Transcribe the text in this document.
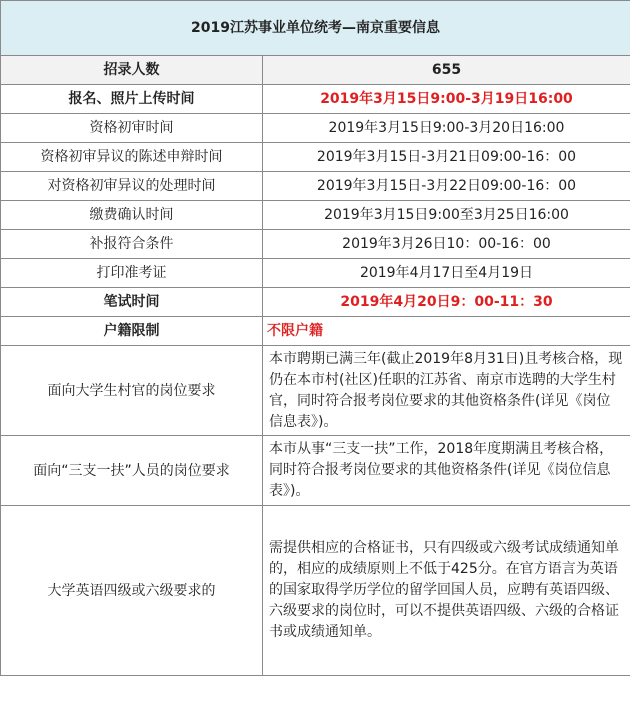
2019江苏事业单位统考—南京重要信息	
招录人数	655
报名、照片上传时间	2019年3月15日9:00-3月19日16:00
资格初审时间	2019年3月15日9:00-3月20日16:00
资格初审异议的陈述申辩时间	2019年3月15日-3月21日09:00-16：00
对资格初审异议的处理时间	2019年3月15日-3月22日09:00-16：00
缴费确认时间	2019年3月15日9:00至3月25日16:00
补报符合条件	2019年3月26日10：00-16：00
打印准考证	2019年4月17日至4月19日
笔试时间	2019年4月20日9：00-11：30
户籍限制	不限户籍
面向大学生村官的岗位要求	本市聘期已满三年(截止2019年8月31日)且考核合格，现仍在本市村(社区)任职的江苏省、南京市选聘的大学生村官，同时符合报考岗位要求的其他资格条件(详见《岗位信息表》)。
面向“三支一扶”人员的岗位要求	本市从事“三支一扶”工作，2018年度期满且考核合格，同时符合报考岗位要求的其他资格条件(详见《岗位信息表》)。
大学英语四级或六级要求的	需提供相应的合格证书，只有四级或六级考试成绩通知单的，相应的成绩原则上不低于425分。在官方语言为英语的国家取得学历学位的留学回国人员，应聘有英语四级、六级要求的岗位时，可以不提供英语四级、六级的合格证书或成绩通知单。
